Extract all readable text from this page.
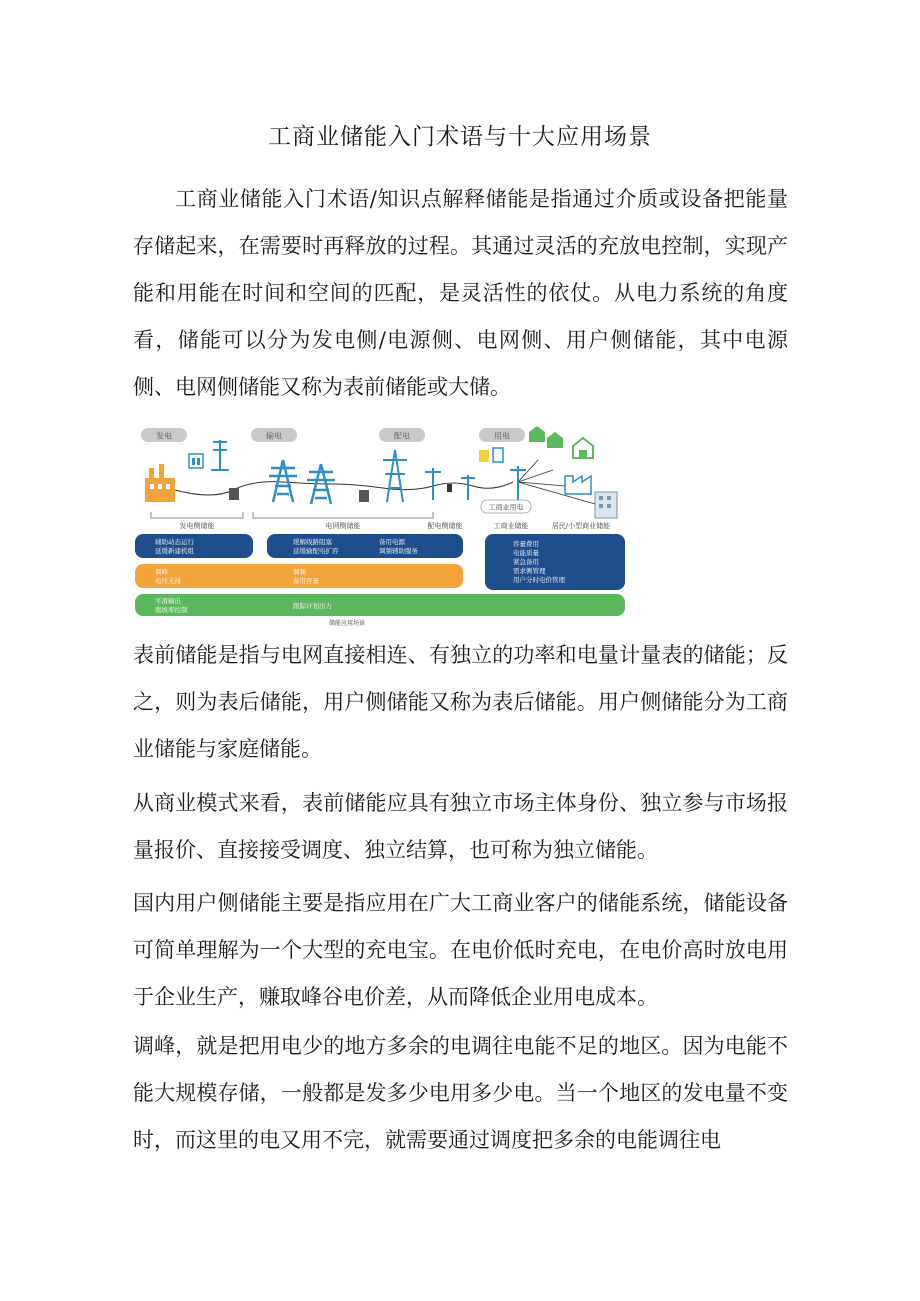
工商业储能入门术语与十大应用场景
工商业储能入门术语/知识点解释储能是指通过介质或设备把能量存储起来，在需要时再释放的过程。其通过灵活的充放电控制，实现产能和用能在时间和空间的匹配，是灵活性的依仗。从电力系统的角度看，储能可以分为发电侧/电源侧、电网侧、用户侧储能，其中电源侧、电网侧储能又称为表前储能或大储。
发电	输电	配电	用电
工商业用电
发电侧储能	电网侧储能	配电侧储能	工商业储能	居民/小型商业储能
辅助动态运行
延缓新建机组
缓解线路阻塞
延缓输配电扩容
备用电源
调频辅助服务
容量费用
电能质量
紧急备用
需求侧管理
用户分时电价管理
调峰
电压支持
调频
备用容量
平滑输出
爬坡率控制	跟踪计划出力
储能应用场景
表前储能是指与电网直接相连、有独立的功率和电量计量表的储能；反之，则为表后储能，用户侧储能又称为表后储能。用户侧储能分为工商业储能与家庭储能。
从商业模式来看，表前储能应具有独立市场主体身份、独立参与市场报量报价、直接接受调度、独立结算，也可称为独立储能。
国内用户侧储能主要是指应用在广大工商业客户的储能系统，储能设备可简单理解为一个大型的充电宝。在电价低时充电，在电价高时放电用于企业生产，赚取峰谷电价差，从而降低企业用电成本。
调峰，就是把用电少的地方多余的电调往电能不足的地区。因为电能不能大规模存储，一般都是发多少电用多少电。当一个地区的发电量不变时，而这里的电又用不完，就需要通过调度把多余的电能调往电
